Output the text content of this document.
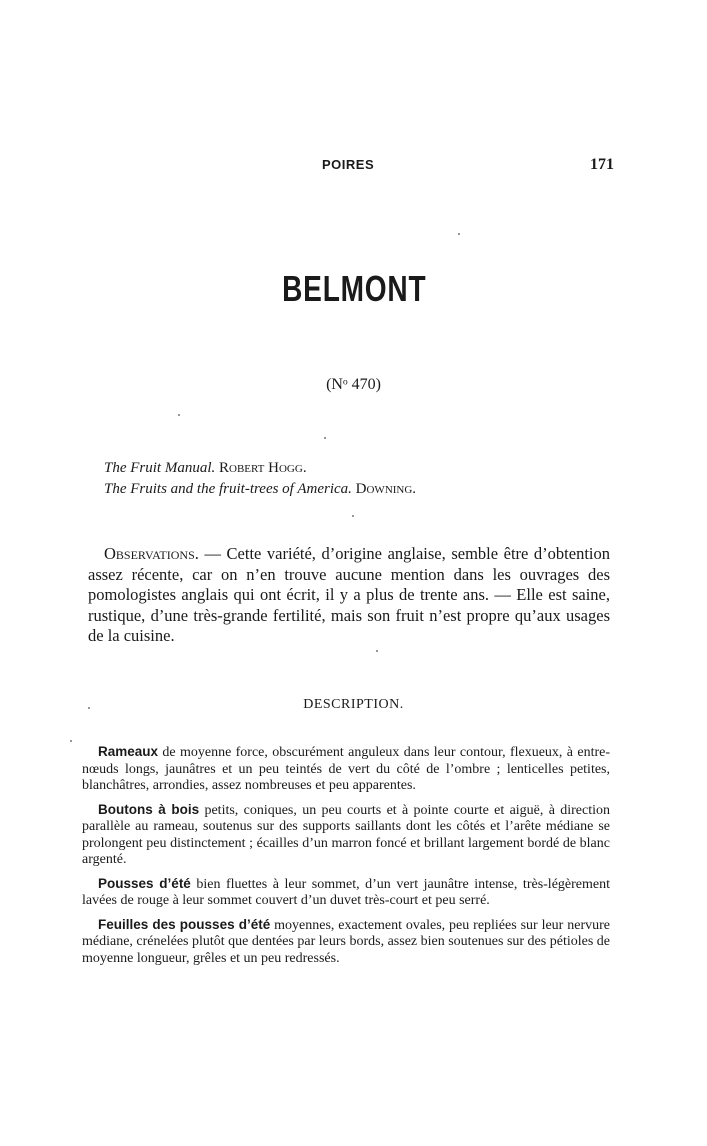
POIRES	171
BELMONT
(Nᵒ 470)
The Fruit Manual. Robert Hogg.
The Fruits and the fruit-trees of America. Downing.
Observations. — Cette variété, d’origine anglaise, semble être d’obtention assez récente, car on n’en trouve aucune mention dans les ouvrages des pomologistes anglais qui ont écrit, il y a plus de trente ans. — Elle est saine, rustique, d’une très-grande fertilité, mais son fruit n’est propre qu’aux usages de la cuisine.
DESCRIPTION.

Rameaux de moyenne force, obscurément anguleux dans leur contour, flexueux, à entre-nœuds longs, jaunâtres et un peu teintés de vert du côté de l’ombre ; lenticelles petites, blanchâtres, arrondies, assez nombreuses et peu apparentes.

Boutons à bois petits, coniques, un peu courts et à pointe courte et aiguë, à direction parallèle au rameau, soutenus sur des supports saillants dont les côtés et l’arête médiane se prolongent peu distinctement ; écailles d’un marron foncé et brillant largement bordé de blanc argenté.

Pousses d’été bien fluettes à leur sommet, d’un vert jaunâtre intense, très-légèrement lavées de rouge à leur sommet couvert d’un duvet très-court et peu serré.

Feuilles des pousses d’été moyennes, exactement ovales, peu repliées sur leur nervure médiane, crénelées plutôt que dentées par leurs bords, assez bien soutenues sur des pétioles de moyenne longueur, grêles et un peu redressés.
